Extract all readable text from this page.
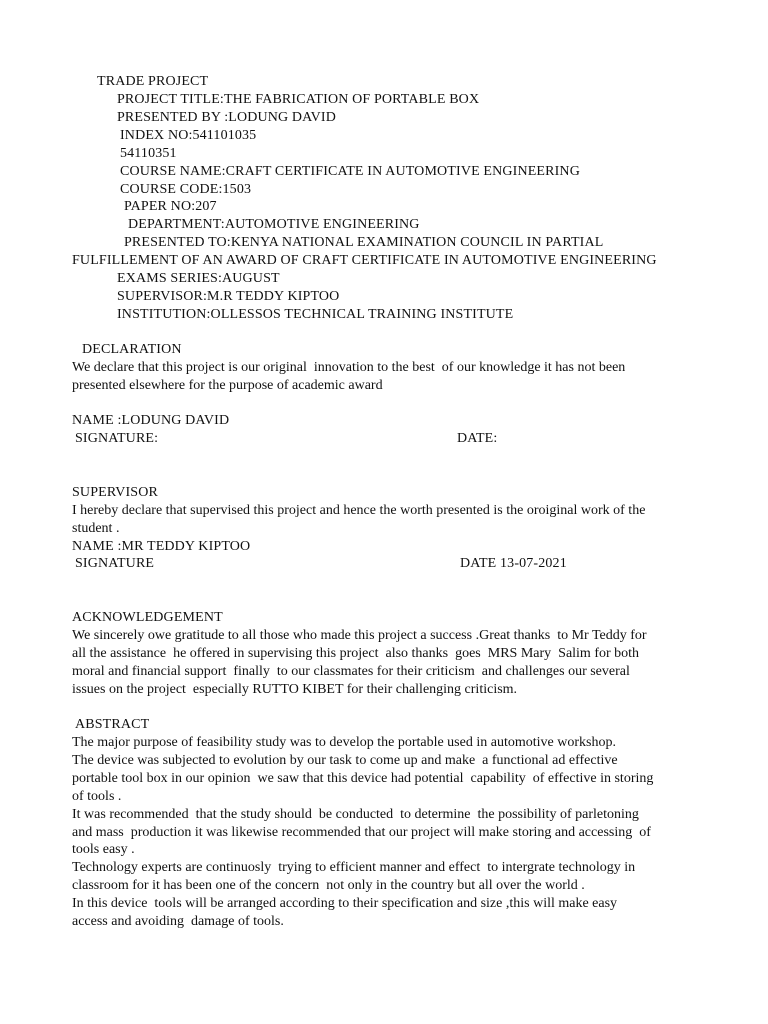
TRADE PROJECT
PROJECT TITLE:THE FABRICATION OF PORTABLE BOX
PRESENTED BY :LODUNG DAVID
INDEX NO:541101035
54110351
COURSE NAME:CRAFT CERTIFICATE IN AUTOMOTIVE ENGINEERING
COURSE CODE:1503
PAPER NO:207
DEPARTMENT:AUTOMOTIVE ENGINEERING
PRESENTED TO:KENYA NATIONAL EXAMINATION COUNCIL IN PARTIAL
FULFILLEMENT OF AN AWARD OF CRAFT CERTIFICATE IN AUTOMOTIVE ENGINEERING
EXAMS SERIES:AUGUST
SUPERVISOR:M.R TEDDY KIPTOO
INSTITUTION:OLLESSOS TECHNICAL TRAINING INSTITUTE
DECLARATION
We declare that this project is our original  innovation to the best  of our knowledge it has not been
presented elsewhere for the purpose of academic award
NAME :LODUNG DAVID
SIGNATURE:	DATE:
SUPERVISOR
I hereby declare that supervised this project and hence the worth presented is the oroiginal work of the
student .
NAME :MR TEDDY KIPTOO
SIGNATURE	DATE 13-07-2021
ACKNOWLEDGEMENT
We sincerely owe gratitude to all those who made this project a success .Great thanks  to Mr Teddy for
all the assistance  he offered in supervising this project  also thanks  goes  MRS Mary  Salim for both
moral and financial support  finally  to our classmates for their criticism  and challenges our several
issues on the project  especially RUTTO KIBET for their challenging criticism.
ABSTRACT
The major purpose of feasibility study was to develop the portable used in automotive workshop.
The device was subjected to evolution by our task to come up and make  a functional ad effective
portable tool box in our opinion  we saw that this device had potential  capability  of effective in storing
of tools .
It was recommended  that the study should  be conducted  to determine  the possibility of parletoning
and mass  production it was likewise recommended that our project will make storing and accessing  of
tools easy .
Technology experts are continuosly  trying to efficient manner and effect  to intergrate technology in
classroom for it has been one of the concern  not only in the country but all over the world .
In this device  tools will be arranged according to their specification and size ,this will make easy
access and avoiding  damage of tools.
